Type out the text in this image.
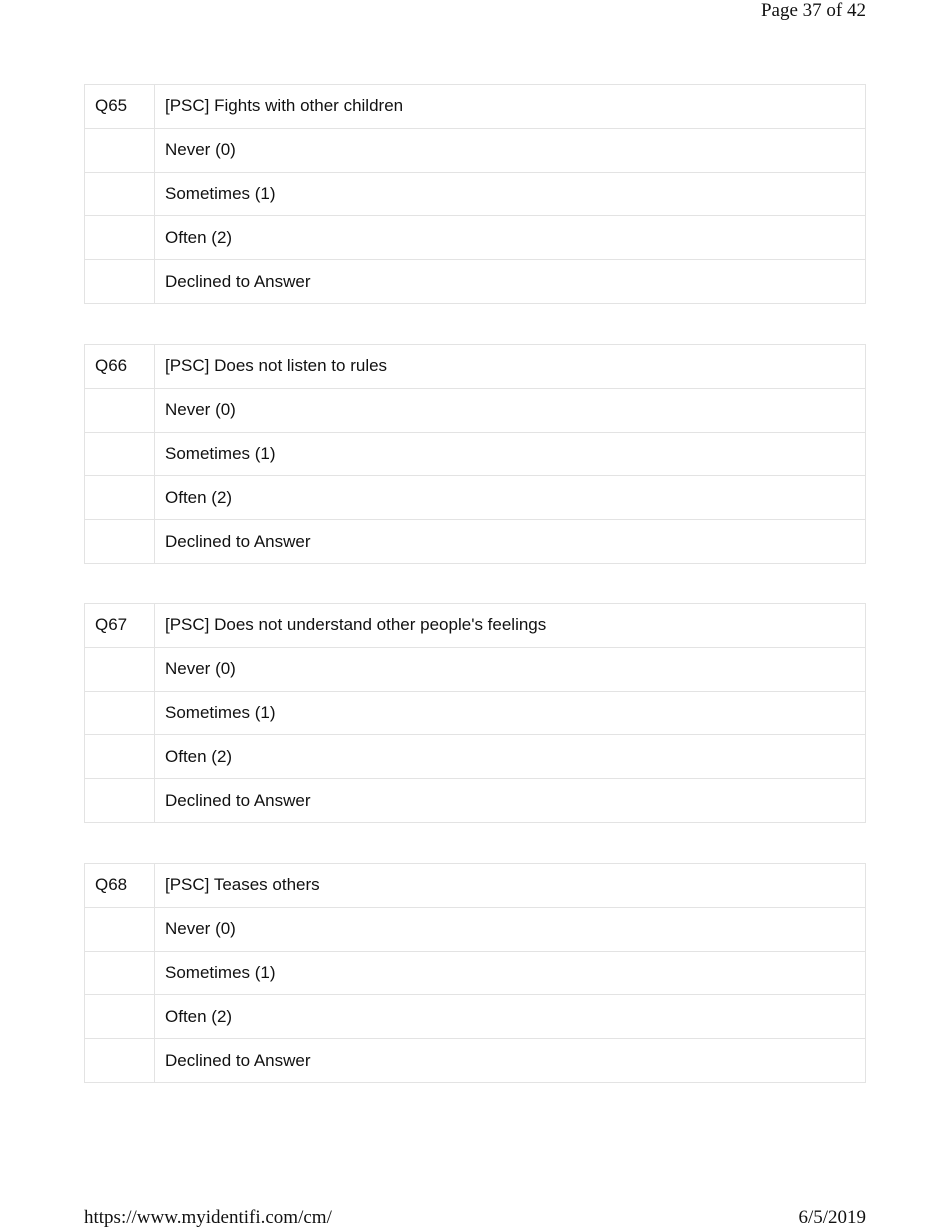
Page 37 of 42
Q65	[PSC] Fights with other children
	Never (0)
	Sometimes (1)
	Often (2)
	Declined to Answer
Q66	[PSC] Does not listen to rules
	Never (0)
	Sometimes (1)
	Often (2)
	Declined to Answer
Q67	[PSC] Does not understand other people's feelings
	Never (0)
	Sometimes (1)
	Often (2)
	Declined to Answer
Q68	[PSC] Teases others
	Never (0)
	Sometimes (1)
	Often (2)
	Declined to Answer
https://www.myidentifi.com/cm/	6/5/2019
